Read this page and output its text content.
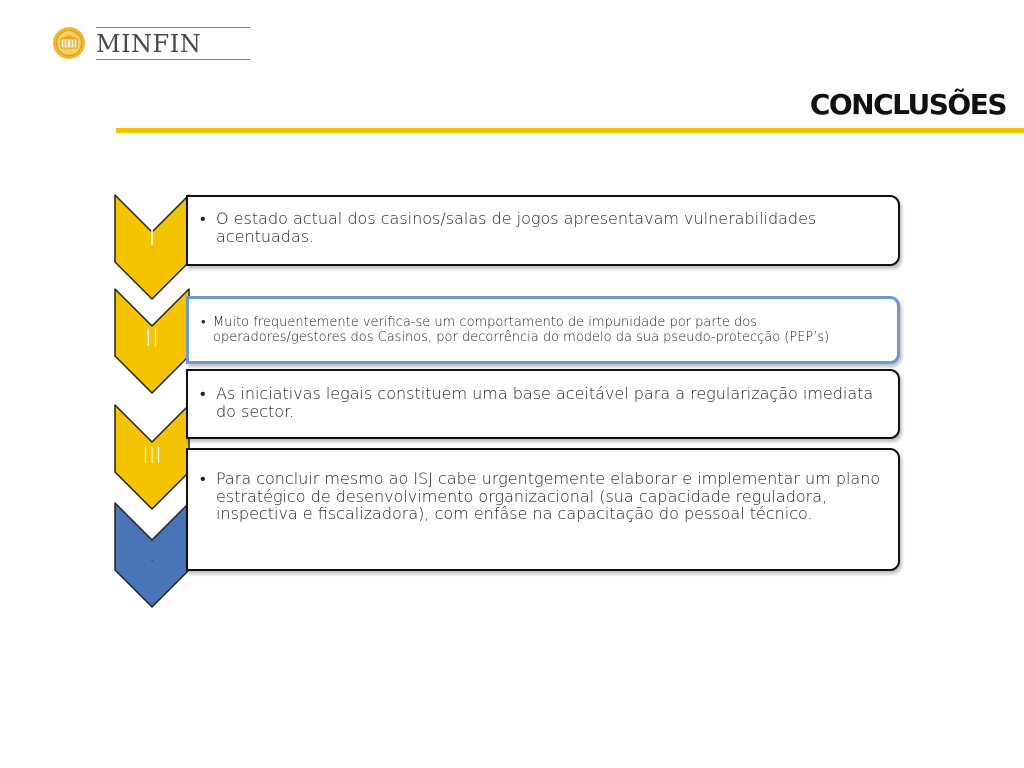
MINFIN
CONCLUSÕES
I
II
III
.
• O estado actual dos casinos/salas de jogos apresentavam vulnerabilidades acentuadas.
• Muito frequentemente verifica-se um comportamento de impunidade por parte dos operadores/gestores dos Casinos, por decorrência do modelo da sua pseudo-protecção (PEP’s)
• As iniciativas legais constituem uma base aceitável para a regularização imediata do sector.
• Para concluir mesmo ao ISJ cabe urgentgemente elaborar e implementar um plano estratégico de desenvolvimento organizacional (sua capacidade reguladora, inspectiva e fiscalizadora), com enfâse na capacitação do pessoal técnico.
